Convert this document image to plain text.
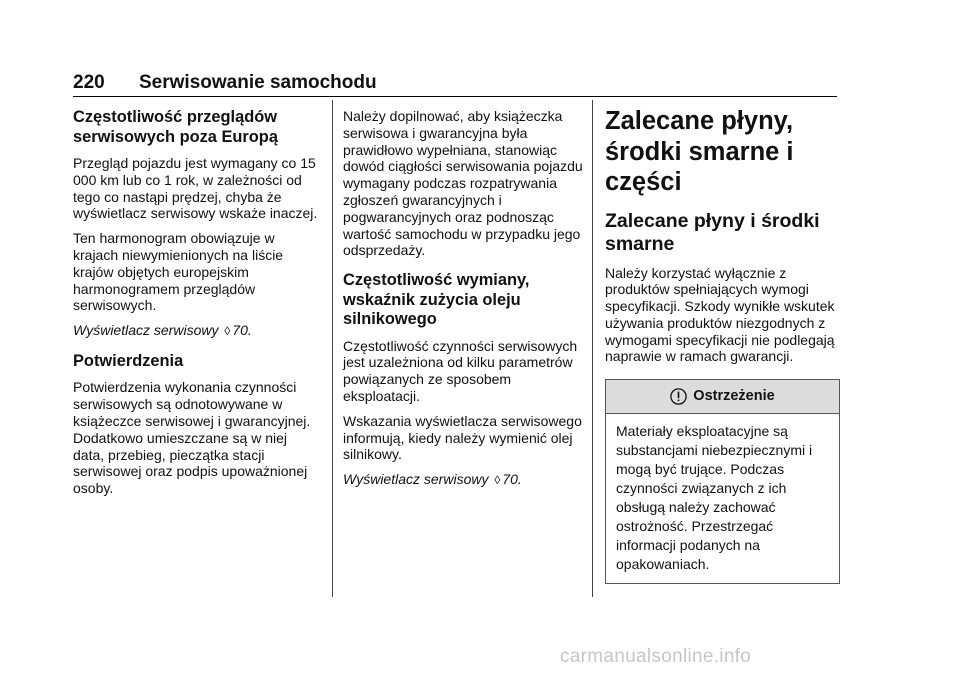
220 Serwisowanie samochodu
Częstotliwość przeglądów serwisowych poza Europą

Przegląd pojazdu jest wymagany co 15 000 km lub co 1 rok, w zależności od tego co nastąpi prędzej, chyba że wyświetlacz serwisowy wskaże inaczej.

Ten harmonogram obowiązuje w krajach niewymienionych na liście krajów objętych europejskim harmonogramem przeglądów serwisowych.

Wyświetlacz serwisowy ◊ 70.

Potwierdzenia

Potwierdzenia wykonania czynności serwisowych są odnotowywane w książeczce serwisowej i gwarancyjnej. Dodatkowo umieszczane są w niej data, przebieg, pieczątka stacji serwisowej oraz podpis upoważnionej osoby.

Należy dopilnować, aby książeczka serwisowa i gwarancyjna była prawidłowo wypełniana, stanowiąc dowód ciągłości serwisowania pojazdu wymagany podczas rozpatrywania zgłoszeń gwarancyjnych i pogwarancyjnych oraz podnosząc wartość samochodu w przypadku jego odsprzedaży.

Częstotliwość wymiany, wskaźnik zużycia oleju silnikowego

Częstotliwość czynności serwisowych jest uzależniona od kilku parametrów powiązanych ze sposobem eksploatacji.

Wskazania wyświetlacza serwisowego informują, kiedy należy wymienić olej silnikowy.

Wyświetlacz serwisowy ◊ 70.

Zalecane płyny, środki smarne i części
Zalecane płyny i środki smarne

Należy korzystać wyłącznie z produktów spełniających wymogi specyfikacji. Szkody wynikłe wskutek używania produktów niezgodnych z wymogami specyfikacji nie podlegają naprawie w ramach gwarancji.

Ostrzeżenie
Materiały eksploatacyjne są substancjami niebezpiecznymi i mogą być trujące. Podczas czynności związanych z ich obsługą należy zachować ostrożność. Przestrzegać informacji podanych na opakowaniach.
carmanualsonline.info
